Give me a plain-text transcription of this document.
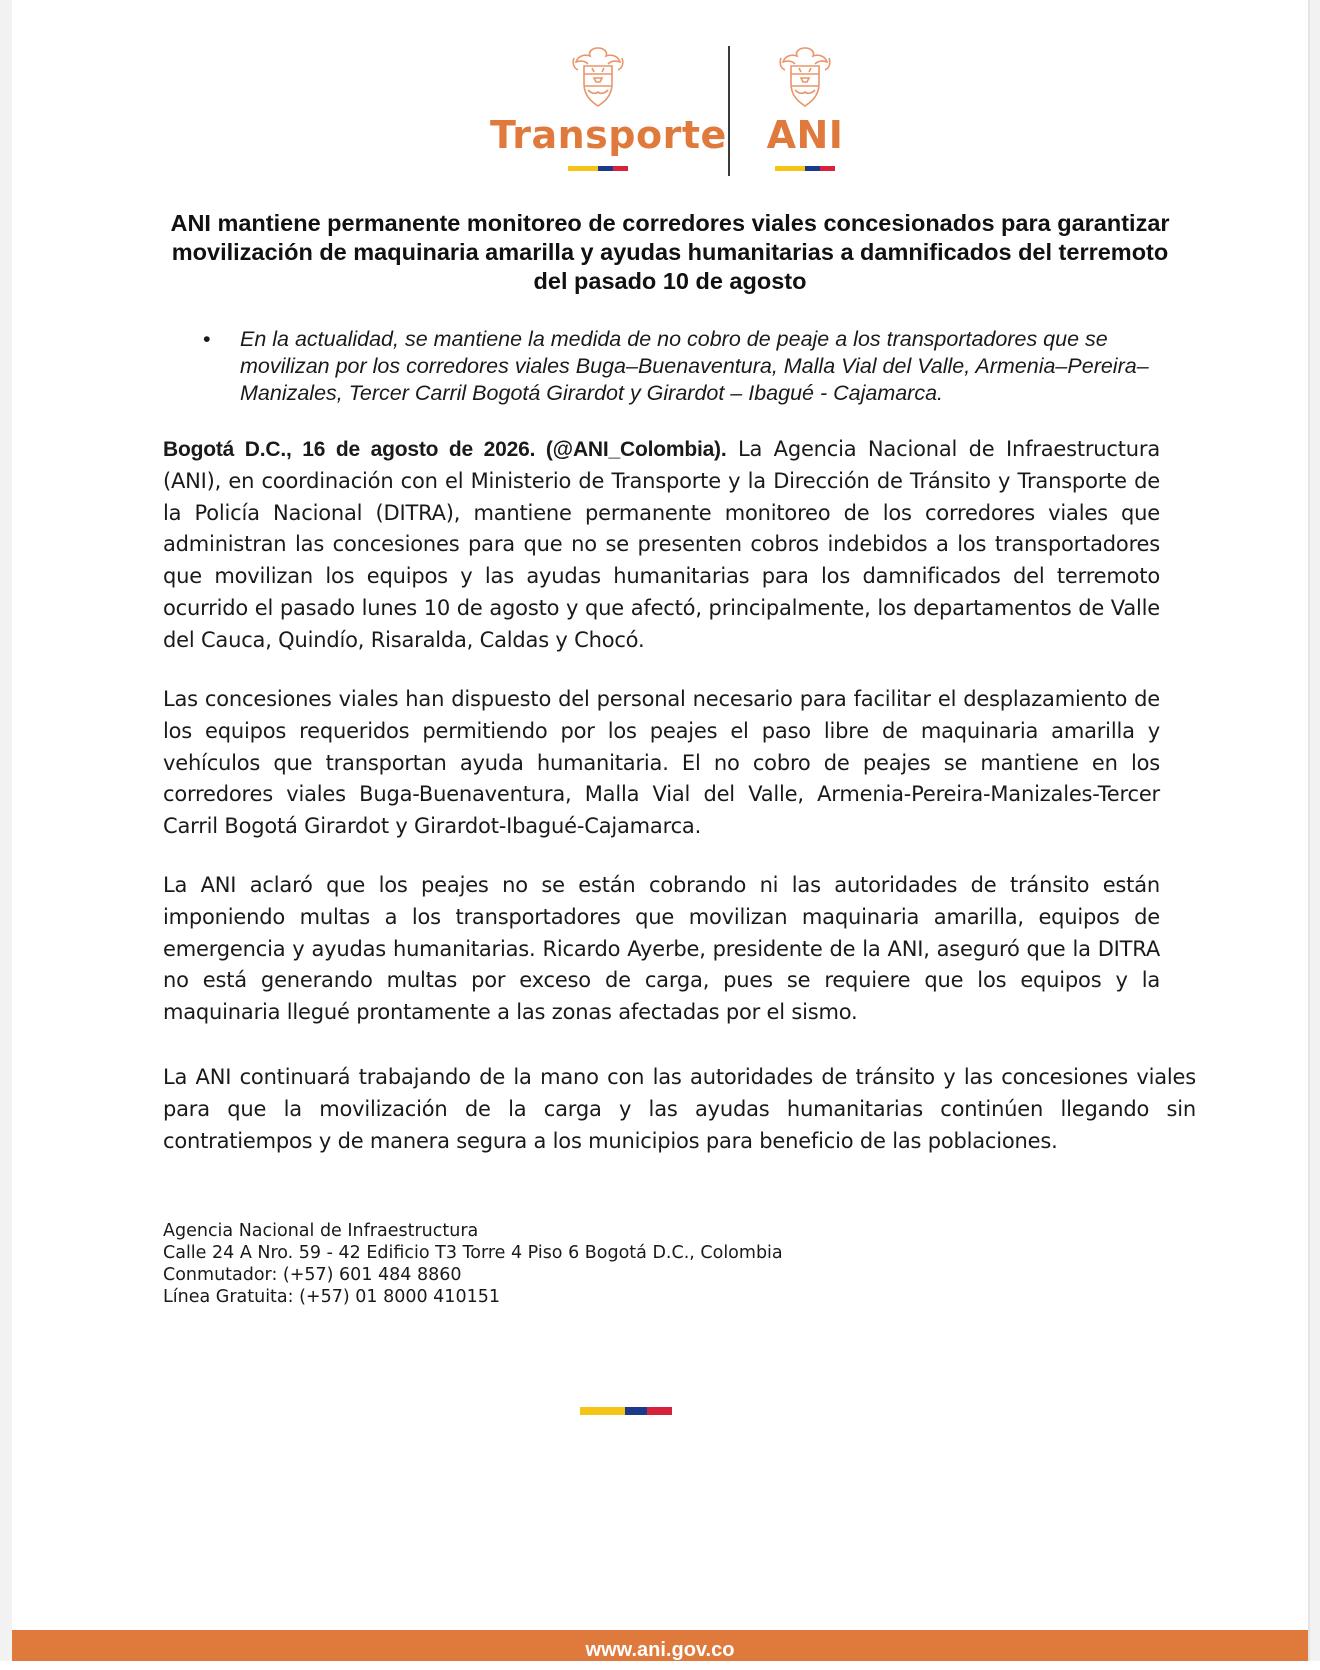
Transporte	ANI
ANI mantiene permanente monitoreo de corredores viales concesionados para garantizar movilización de maquinaria amarilla y ayudas humanitarias a damnificados del terremoto del pasado 10 de agosto
• En la actualidad, se mantiene la medida de no cobro de peaje a los transportadores que se movilizan por los corredores viales Buga–Buenaventura, Malla Vial del Valle, Armenia–Pereira–Manizales, Tercer Carril Bogotá Girardot y Girardot – Ibagué - Cajamarca.

Bogotá D.C., 16 de agosto de 2026. (@ANI_Colombia). La Agencia Nacional de Infraestructura (ANI), en coordinación con el Ministerio de Transporte y la Dirección de Tránsito y Transporte de la Policía Nacional (DITRA), mantiene permanente monitoreo de los corredores viales que administran las concesiones para que no se presenten cobros indebidos a los transportadores que movilizan los equipos y las ayudas humanitarias para los damnificados del terremoto ocurrido el pasado lunes 10 de agosto y que afectó, principalmente, los departamentos de Valle del Cauca, Quindío, Risaralda, Caldas y Chocó.

Las concesiones viales han dispuesto del personal necesario para facilitar el desplazamiento de los equipos requeridos permitiendo por los peajes el paso libre de maquinaria amarilla y vehículos que transportan ayuda humanitaria. El no cobro de peajes se mantiene en los corredores viales Buga-Buenaventura, Malla Vial del Valle, Armenia-Pereira-Manizales-Tercer Carril Bogotá Girardot y Girardot-Ibagué-Cajamarca.

La ANI aclaró que los peajes no se están cobrando ni las autoridades de tránsito están imponiendo multas a los transportadores que movilizan maquinaria amarilla, equipos de emergencia y ayudas humanitarias. Ricardo Ayerbe, presidente de la ANI, aseguró que la DITRA no está generando multas por exceso de carga, pues se requiere que los equipos y la maquinaria llegué prontamente a las zonas afectadas por el sismo.

La ANI continuará trabajando de la mano con las autoridades de tránsito y las concesiones viales para que la movilización de la carga y las ayudas humanitarias continúen llegando sin contratiempos y de manera segura a los municipios para beneficio de las poblaciones.

Agencia Nacional de Infraestructura
Calle 24 A Nro. 59 - 42 Edificio T3 Torre 4 Piso 6 Bogotá D.C., Colombia
Conmutador: (+57) 601 484 8860
Línea Gratuita: (+57) 01 8000 410151
www.ani.gov.co
